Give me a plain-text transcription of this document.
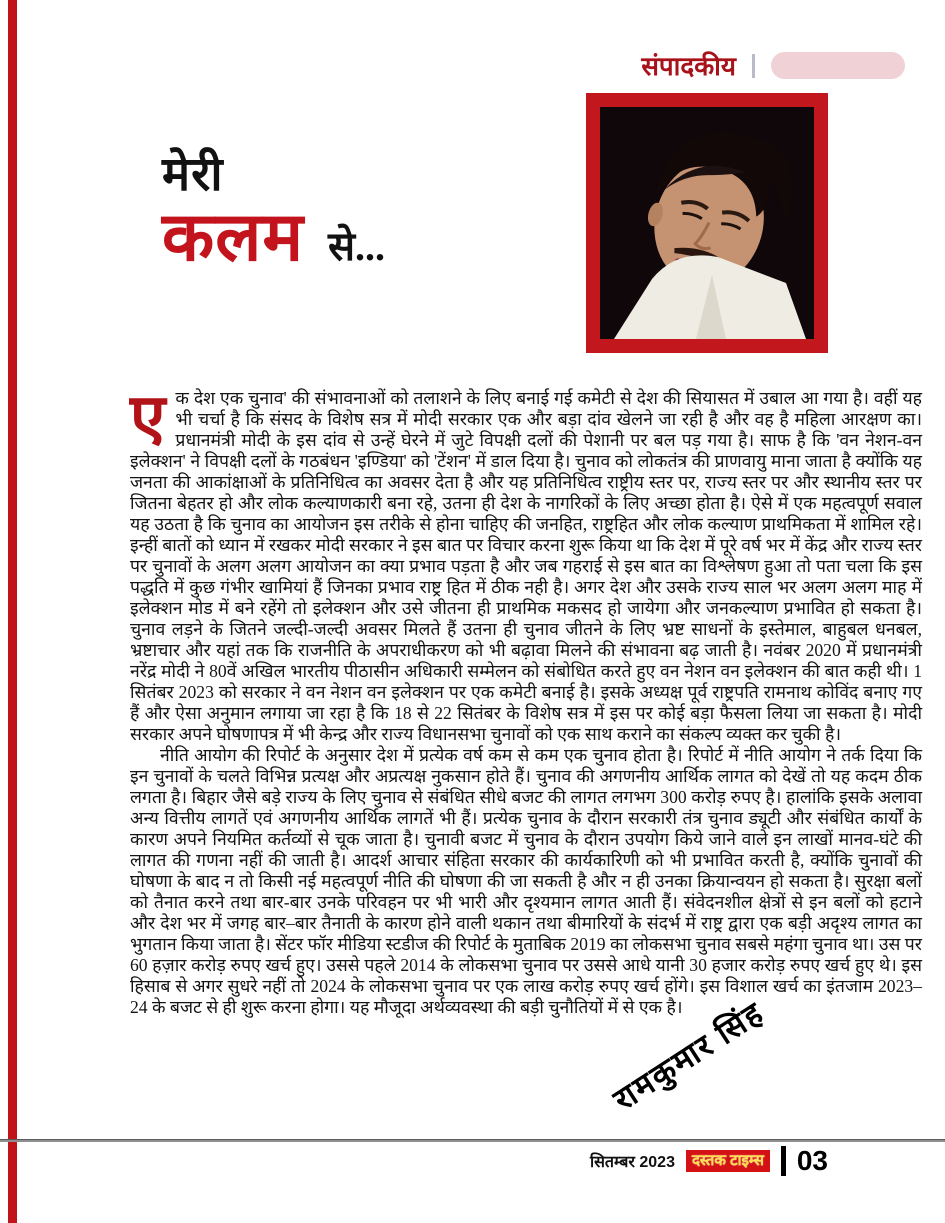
संपादकीय
मेरी
कलम से...

एक देश एक चुनाव' की संभावनाओं को तलाशने के लिए बनाई गई कमेटी से देश की सियासत में उबाल आ गया है। वहीं यह भी चर्चा है कि संसद के विशेष सत्र में मोदी सरकार एक और बड़ा दांव खेलने जा रही है और वह है महिला आरक्षण का। प्रधानमंत्री मोदी के इस दांव से उन्हें घेरने में जुटे विपक्षी दलों की पेशानी पर बल पड़ गया है। साफ है कि 'वन नेशन-वन इलेक्शन' ने विपक्षी दलों के गठबंधन 'इण्डिया' को 'टेंशन' में डाल दिया है। चुनाव को लोकतंत्र की प्राणवायु माना जाता है क्योंकि यह जनता की आकांक्षाओं के प्रतिनिधित्व का अवसर देता है और यह प्रतिनिधित्व राष्ट्रीय स्तर पर, राज्य स्तर पर और स्थानीय स्तर पर जितना बेहतर हो और लोक कल्याणकारी बना रहे, उतना ही देश के नागरिकों के लिए अच्छा होता है। ऐसे में एक महत्वपूर्ण सवाल यह उठता है कि चुनाव का आयोजन इस तरीके से होना चाहिए की जनहित, राष्ट्रहित और लोक कल्याण प्राथमिकता में शामिल रहे। इन्हीं बातों को ध्यान में रखकर मोदी सरकार ने इस बात पर विचार करना शुरू किया था कि देश में पूरे वर्ष भर में केंद्र और राज्य स्तर पर चुनावों के अलग अलग आयोजन का क्या प्रभाव पड़ता है और जब गहराई से इस बात का विश्लेषण हुआ तो पता चला कि इस पद्धति में कुछ गंभीर खामियां हैं जिनका प्रभाव राष्ट्र हित में ठीक नही है। अगर देश और उसके राज्य साल भर अलग अलग माह में इलेक्शन मोड में बने रहेंगे तो इलेक्शन और उसे जीतना ही प्राथमिक मकसद हो जायेगा और जनकल्याण प्रभावित हो सकता है। चुनाव लड़ने के जितने जल्दी-जल्दी अवसर मिलते हैं उतना ही चुनाव जीतने के लिए भ्रष्ट साधनों के इस्तेमाल, बाहुबल धनबल, भ्रष्टाचार और यहां तक कि राजनीति के अपराधीकरण को भी बढ़ावा मिलने की संभावना बढ़ जाती है। नवंबर 2020 में प्रधानमंत्री नरेंद्र मोदी ने 80वें अखिल भारतीय पीठासीन अधिकारी सम्मेलन को संबोधित करते हुए वन नेशन वन इलेक्शन की बात कही थी। 1 सितंबर 2023 को सरकार ने वन नेशन वन इलेक्शन पर एक कमेटी बनाई है। इसके अध्यक्ष पूर्व राष्ट्रपति रामनाथ कोविंद बनाए गए हैं और ऐसा अनुमान लगाया जा रहा है कि 18 से 22 सितंबर के विशेष सत्र में इस पर कोई बड़ा फैसला लिया जा सकता है। मोदी सरकार अपने घोषणापत्र में भी केन्द्र और राज्य विधानसभा चुनावों को एक साथ कराने का संकल्प व्यक्त कर चुकी है।

नीति आयोग की रिपोर्ट के अनुसार देश में प्रत्येक वर्ष कम से कम एक चुनाव होता है। रिपोर्ट में नीति आयोग ने तर्क दिया कि इन चुनावों के चलते विभिन्न प्रत्यक्ष और अप्रत्यक्ष नुकसान होते हैं। चुनाव की अगणनीय आर्थिक लागत को देखें तो यह कदम ठीक लगता है। बिहार जैसे बड़े राज्य के लिए चुनाव से संबंधित सीधे बजट की लागत लगभग 300 करोड़ रुपए है। हालांकि इसके अलावा अन्य वित्तीय लागतें एवं अगणनीय आर्थिक लागतें भी हैं। प्रत्येक चुनाव के दौरान सरकारी तंत्र चुनाव ड्यूटी और संबंधित कार्यों के कारण अपने नियमित कर्तव्यों से चूक जाता है। चुनावी बजट में चुनाव के दौरान उपयोग किये जाने वाले इन लाखों मानव-घंटे की लागत की गणना नहीं की जाती है। आदर्श आचार संहिता सरकार की कार्यकारिणी को भी प्रभावित करती है, क्योंकि चुनावों की घोषणा के बाद न तो किसी नई महत्वपूर्ण नीति की घोषणा की जा सकती है और न ही उनका क्रियान्वयन हो सकता है। सुरक्षा बलों को तैनात करने तथा बार-बार उनके परिवहन पर भी भारी और दृश्यमान लागत आती हैं। संवेदनशील क्षेत्रों से इन बलों को हटाने और देश भर में जगह बार–बार तैनाती के कारण होने वाली थकान तथा बीमारियों के संदर्भ में राष्ट्र द्वारा एक बड़ी अदृश्य लागत का भुगतान किया जाता है। सेंटर फॉर मीडिया स्टडीज की रिपोर्ट के मुताबिक 2019 का लोकसभा चुनाव सबसे महंगा चुनाव था। उस पर 60 हज़ार करोड़ रुपए खर्च हुए। उससे पहले 2014 के लोकसभा चुनाव पर उससे आधे यानी 30 हजार करोड़ रुपए खर्च हुए थे। इस हिसाब से अगर सुधरे नहीं तो 2024 के लोकसभा चुनाव पर एक लाख करोड़ रुपए खर्च होंगे। इस विशाल खर्च का इंतजाम 2023–24 के बजट से ही शुरू करना होगा। यह मौजूदा अर्थव्यवस्था की बड़ी चुनौतियों में से एक है।

रामकुमार सिंह
सितम्बर 2023	दस्तक टाइम्स 03
